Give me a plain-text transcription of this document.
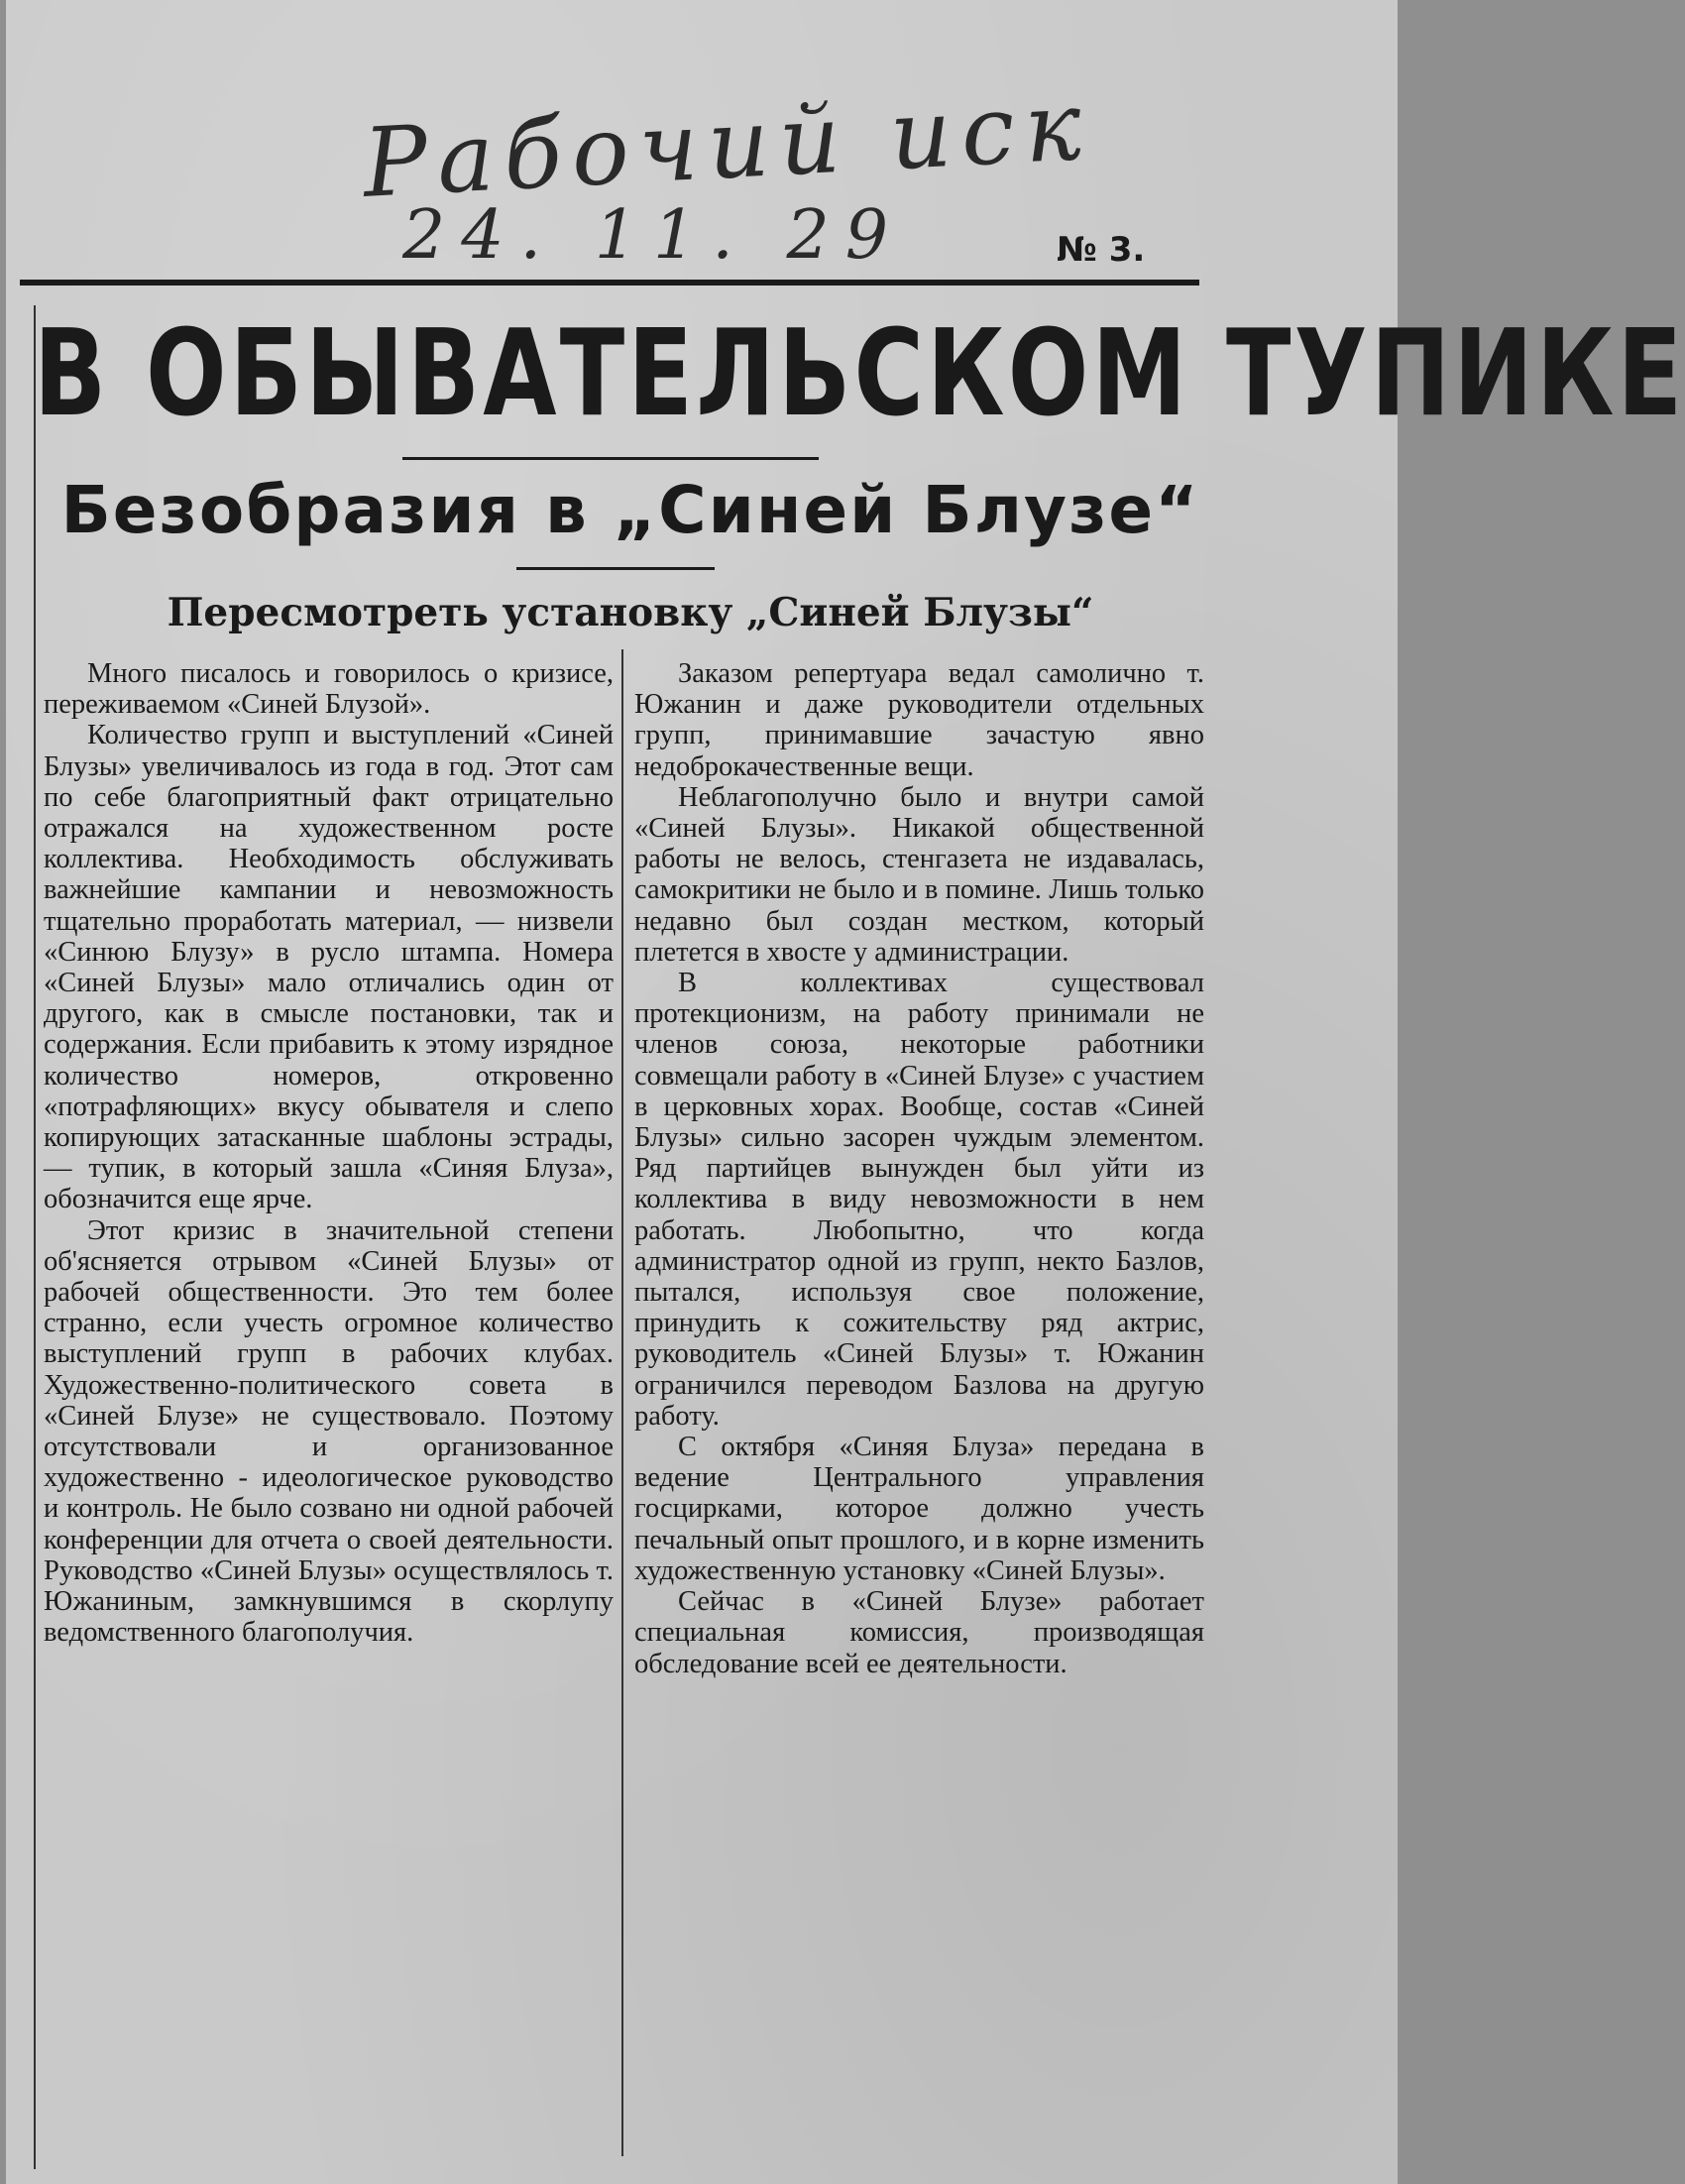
Рабочий иск
24. 11. 29	№ 3.
В ОБЫВАТЕЛЬСКОМ ТУПИКЕ
Безобразия в „Синей Блузе“
Пересмотреть установку „Синей Блузы“

Много писалось и говорилось о кризисе, переживаемом «Синей Блузой».

Количество групп и выступлений «Синей Блузы» увеличивалось из года в год. Этот сам по себе благоприятный факт отрицательно отражался на художественном росте коллектива. Необходимость обслуживать важнейшие кампании и невозможность тщательно проработать материал, — низвели «Синюю Блузу» в русло штампа. Номера «Синей Блузы» мало отличались один от другого, как в смысле постановки, так и содержания. Если прибавить к этому изрядное количество номеров, откровенно «потрафляющих» вкусу обывателя и слепо копирующих затасканные шаблоны эстрады, — тупик, в который зашла «Синяя Блуза», обозначится еще ярче.

Этот кризис в значительной степени об'ясняется отрывом «Синей Блузы» от рабочей общественности. Это тем более странно, если учесть огромное количество выступлений групп в рабочих клубах. Художественно-политического совета в «Синей Блузе» не существовало. Поэтому отсутствовали и организованное художественно - идеологическое руководство и контроль. Не было созвано ни одной рабочей конференции для отчета о своей деятельности. Руководство «Синей Блузы» осуществлялось т. Южаниным, замкнувшимся в скорлупу ведомственного благополучия.

Заказом репертуара ведал самолично т. Южанин и даже руководители отдельных групп, принимавшие зачастую явно недоброкачественные вещи.

Неблагополучно было и внутри самой «Синей Блузы». Никакой общественной работы не велось, стенгазета не издавалась, самокритики не было и в помине. Лишь только недавно был создан местком, который плетется в хвосте у администрации.

В коллективах существовал протекционизм, на работу принимали не членов союза, некоторые работники совмещали работу в «Синей Блузе» с участием в церковных хорах. Вообще, состав «Синей Блузы» сильно засорен чуждым элементом. Ряд партийцев вынужден был уйти из коллектива в виду невозможности в нем работать. Любопытно, что когда администратор одной из групп, некто Базлов, пытался, используя свое положение, принудить к сожительству ряд актрис, руководитель «Синей Блузы» т. Южанин ограничился переводом Базлова на другую работу.

С октября «Синяя Блуза» передана в ведение Центрального управления госцирками, которое должно учесть печальный опыт прошлого, и в корне изменить художественную установку «Синей Блузы».

Сейчас в «Синей Блузе» работает специальная комиссия, производящая обследование всей ее деятельности.
